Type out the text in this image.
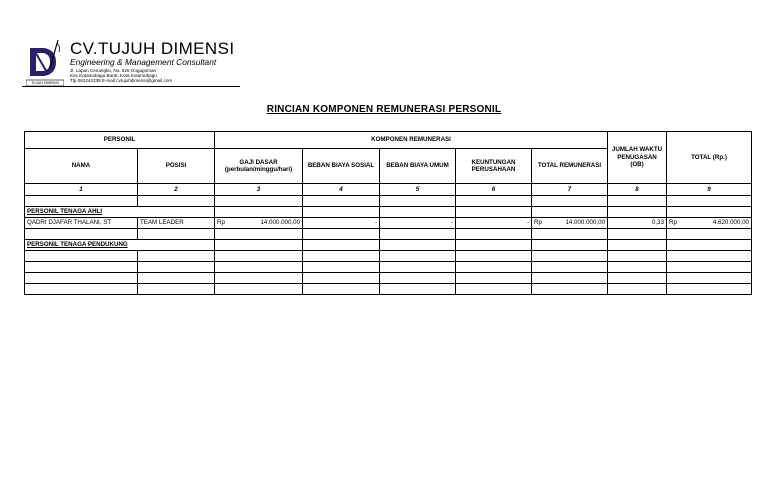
TUJUH DIMENSI
CV.TUJUH DIMENSI
Engineering & Management Consultant
Jl. Lapan Cenangko, No. 525 Gogagoman
Kec.Kotamobagu Barat, Kota Kotamobagu
Tlp 081244338 E-mail:cvtujuhdimensi@gmail.com
RINCIAN KOMPONEN REMUNERASI PERSONIL
PERSONIL		KOMPONEN REMUNERASI					JUMLAH WAKTU PENUGASAN (OB)	TOTAL (Rp.)
NAMA	POSISI	GAJI DASAR (perbulan/minggu/hari)	BEBAN BIAYA SOSIAL	BEBAN BIAYA UMUM	KEUNTUNGAN PERUSAHAAN	TOTAL REMUNERASI		
1	2	3	4	5	6	7	8	9

PERSONIL TENAGA AHLI								
QADRI DJAFAR THALANI, ST	TEAM LEADER	Rp 14.000.000,00	-	-	-	Rp 14.000.000,00	0,33	Rp 4.620.000,00

PERSONIL TENAGA PENDUKUNG								
